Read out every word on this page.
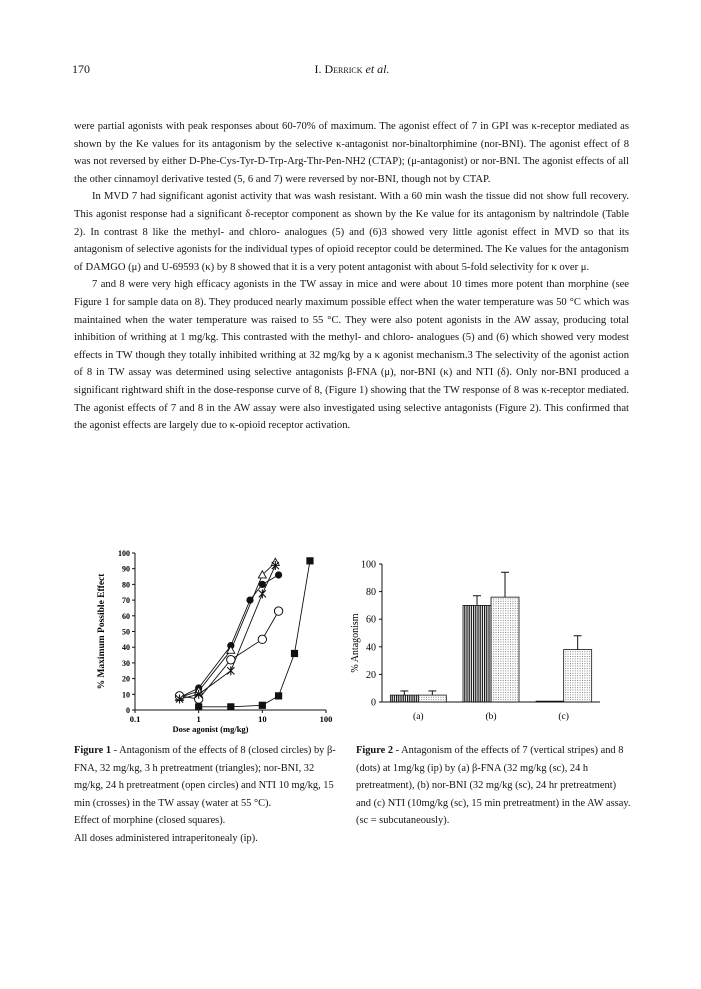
170	I. Derrick et al.

were partial agonists with peak responses about 60-70% of maximum. The agonist effect of 7 in GPI was κ-receptor mediated as shown by the Ke values for its antagonism by the selective κ-antagonist nor-binaltorphimine (nor-BNI). The agonist effect of 8 was not reversed by either D-Phe-Cys-Tyr-D-Trp-Arg-Thr-Pen-NH2 (CTAP); (μ-antagonist) or nor-BNI. The agonist effects of all the other cinnamoyl derivative tested (5, 6 and 7) were reversed by nor-BNI, though not by CTAP.

In MVD 7 had significant agonist activity that was wash resistant. With a 60 min wash the tissue did not show full recovery. This agonist response had a significant δ-receptor component as shown by the Ke value for its antagonism by naltrindole (Table 2). In contrast 8 like the methyl- and chloro- analogues (5) and (6)3 showed very little agonist effect in MVD so that its antagonism of selective agonists for the individual types of opioid receptor could be determined. The Ke values for the antagonism of DAMGO (μ) and U-69593 (κ) by 8 showed that it is a very potent antagonist with about 5-fold selectivity for κ over μ.

7 and 8 were very high efficacy agonists in the TW assay in mice and were about 10 times more potent than morphine (see Figure 1 for sample data on 8). They produced nearly maximum possible effect when the water temperature was 50 °C which was maintained when the water temperature was raised to 55 °C. They were also potent agonists in the AW assay, producing total inhibition of writhing at 1 mg/kg. This contrasted with the methyl- and chloro- analogues (5) and (6) which showed very modest effects in TW though they totally inhibited writhing at 32 mg/kg by a κ agonist mechanism.3 The selectivity of the agonist action of 8 in TW assay was determined using selective antagonists β-FNA (μ), nor-BNI (κ) and NTI (δ). Only nor-BNI produced a significant rightward shift in the dose-response curve of 8, (Figure 1) showing that the TW response of 8 was κ-receptor mediated. The agonist effects of 7 and 8 in the AW assay were also investigated using selective antagonists (Figure 2). This confirmed that the agonist effects are largely due to κ-opioid receptor activation.

0
10
20
30
40
50
60
70
80
90
100
0.1	1	10	100
Dose agonist (mg/kg)
% Maximum Possible Effect
0
20
40
60
80
100
% Antagonism
(a)	(b)	(c)
Figure 1 - Antagonism of the effects of 8 (closed circles) by β-FNA, 32 mg/kg, 3 h pretreatment (triangles); nor-BNI, 32 mg/kg, 24 h pretreatment (open circles) and NTI 10 mg/kg, 15 min (crosses) in the TW assay (water at 55 °C).
Effect of morphine (closed squares).
All doses administered intraperitonealy (ip).
Figure 2 - Antagonism of the effects of 7 (vertical stripes) and 8 (dots) at 1mg/kg (ip) by (a) β-FNA (32 mg/kg (sc), 24 h pretreatment), (b) nor-BNI (32 mg/kg (sc), 24 hr pretreatment) and (c) NTI (10mg/kg (sc), 15 min pretreatment) in the AW assay.
(sc = subcutaneously).
